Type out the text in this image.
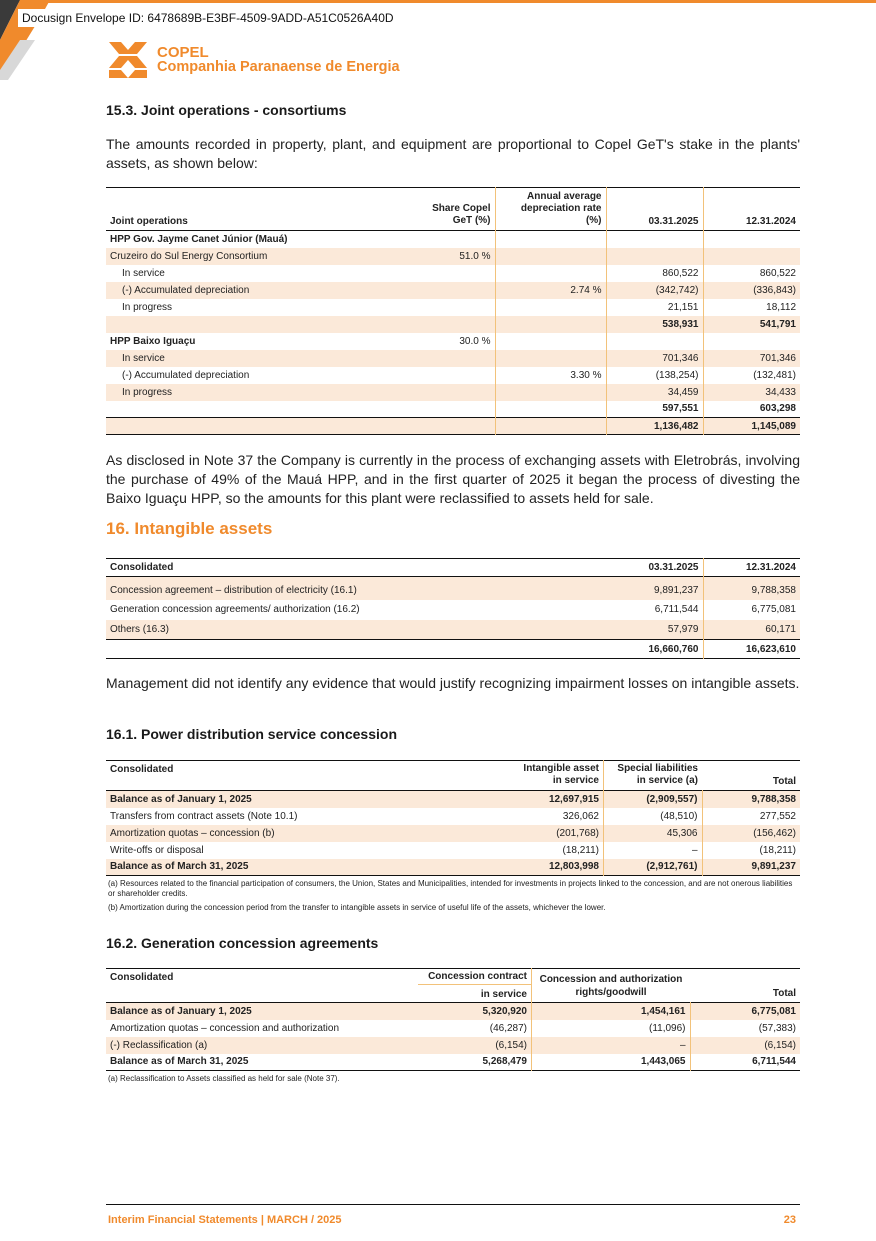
Docusign Envelope ID: 6478689B-E3BF-4509-9ADD-A51C0526A40D
COPEL
Companhia Paranaense de Energia
15.3. Joint operations - consortiums

The amounts recorded in property, plant, and equipment are proportional to Copel GeT's stake in the plants' assets, as shown below:

Joint operations	Share Copel GeT (%)	Annual average depreciation rate (%)	03.31.2025	12.31.2024
HPP Gov. Jayme Canet Júnior (Mauá)				
Cruzeiro do Sul Energy Consortium	51.0 %			
In service			860,522	860,522
(-) Accumulated depreciation		2.74 %	(342,742)	(336,843)
In progress			21,151	18,112
			538,931	541,791
HPP Baixo Iguaçu	30.0 %			
In service			701,346	701,346
(-) Accumulated depreciation		3.30 %	(138,254)	(132,481)
In progress			34,459	34,433
			597,551	603,298
			1,136,482	1,145,089

As disclosed in Note 37 the Company is currently in the process of exchanging assets with Eletrobrás, involving the purchase of 49% of the Mauá HPP, and in the first quarter of 2025 it began the process of divesting the Baixo Iguaçu HPP, so the amounts for this plant were reclassified to assets held for sale.

16. Intangible assets
Consolidated	03.31.2025	12.31.2024

Concession agreement – distribution of electricity (16.1)	9,891,237	9,788,358
Generation concession agreements/ authorization (16.2)	6,711,544	6,775,081
Others (16.3)	57,979	60,171
	16,660,760	16,623,610

Management did not identify any evidence that would justify recognizing impairment losses on intangible assets.

16.1. Power distribution service concession
Consolidated	Intangible asset in service	Special liabilities in service (a)	Total
Balance as of January 1, 2025	12,697,915	(2,909,557)	9,788,358
Transfers from contract assets (Note 10.1)	326,062	(48,510)	277,552
Amortization quotas – concession (b)	(201,768)	45,306	(156,462)
Write-offs or disposal	(18,211)	–	(18,211)
Balance as of March 31, 2025	12,803,998	(2,912,761)	9,891,237
(a) Resources related to the financial participation of consumers, the Union, States and Municipalities, intended for investments in projects linked to the concession, and are not onerous liabilities or shareholder credits.
(b) Amortization during the concession period from the transfer to intangible assets in service of useful life of the assets, whichever the lower.
16.2. Generation concession agreements
Consolidated	Concession contract
in service	Concession and authorization rights/goodwill	Total
Balance as of January 1, 2025	5,320,920	1,454,161	6,775,081
Amortization quotas – concession and authorization	(46,287)	(11,096)	(57,383)
(-) Reclassification (a)	(6,154)	–	(6,154)
Balance as of March 31, 2025	5,268,479	1,443,065	6,711,544
(a) Reclassification to Assets classified as held for sale (Note 37).
Interim Financial Statements | MARCH / 2025	23
